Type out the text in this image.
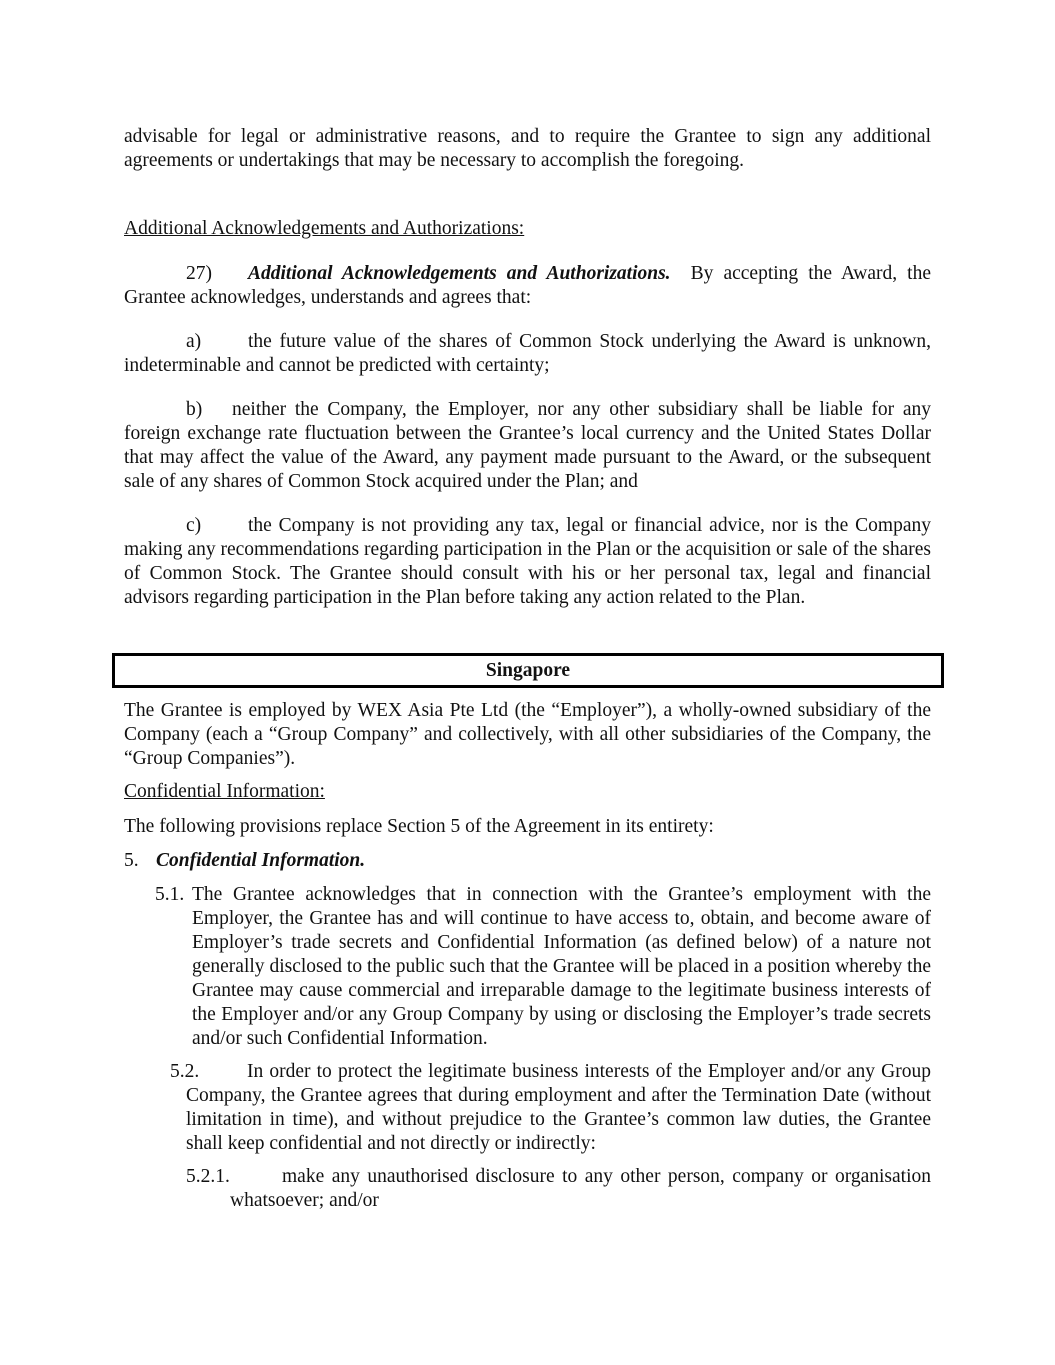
advisable for legal or administrative reasons, and to require the Grantee to sign any additional agreements or undertakings that may be necessary to accomplish the foregoing.

Additional Acknowledgements and Authorizations:

27) Additional Acknowledgements and Authorizations. By accepting the Award, the Grantee acknowledges, understands and agrees that:

a) the future value of the shares of Common Stock underlying the Award is unknown, indeterminable and cannot be predicted with certainty;

b) neither the Company, the Employer, nor any other subsidiary shall be liable for any foreign exchange rate fluctuation between the Grantee’s local currency and the United States Dollar that may affect the value of the Award, any payment made pursuant to the Award, or the subsequent sale of any shares of Common Stock acquired under the Plan; and

c) the Company is not providing any tax, legal or financial advice, nor is the Company making any recommendations regarding participation in the Plan or the acquisition or sale of the shares of Common Stock. The Grantee should consult with his or her personal tax, legal and financial advisors regarding participation in the Plan before taking any action related to the Plan.

Singapore

The Grantee is employed by WEX Asia Pte Ltd (the “Employer”), a wholly-owned subsidiary of the Company (each a “Group Company” and collectively, with all other subsidiaries of the Company, the “Group Companies”).

Confidential Information:

The following provisions replace Section 5 of the Agreement in its entirety:

5. Confidential Information.

5.1. The Grantee acknowledges that in connection with the Grantee’s employment with the Employer, the Grantee has and will continue to have access to, obtain, and become aware of Employer’s trade secrets and Confidential Information (as defined below) of a nature not generally disclosed to the public such that the Grantee will be placed in a position whereby the Grantee may cause commercial and irreparable damage to the legitimate business interests of the Employer and/or any Group Company by using or disclosing the Employer’s trade secrets and/or such Confidential Information.

5.2. In order to protect the legitimate business interests of the Employer and/or any Group Company, the Grantee agrees that during employment and after the Termination Date (without limitation in time), and without prejudice to the Grantee’s common law duties, the Grantee shall keep confidential and not directly or indirectly:

5.2.1.	make any unauthorised disclosure to any other person, company or organisation whatsoever; and/or
